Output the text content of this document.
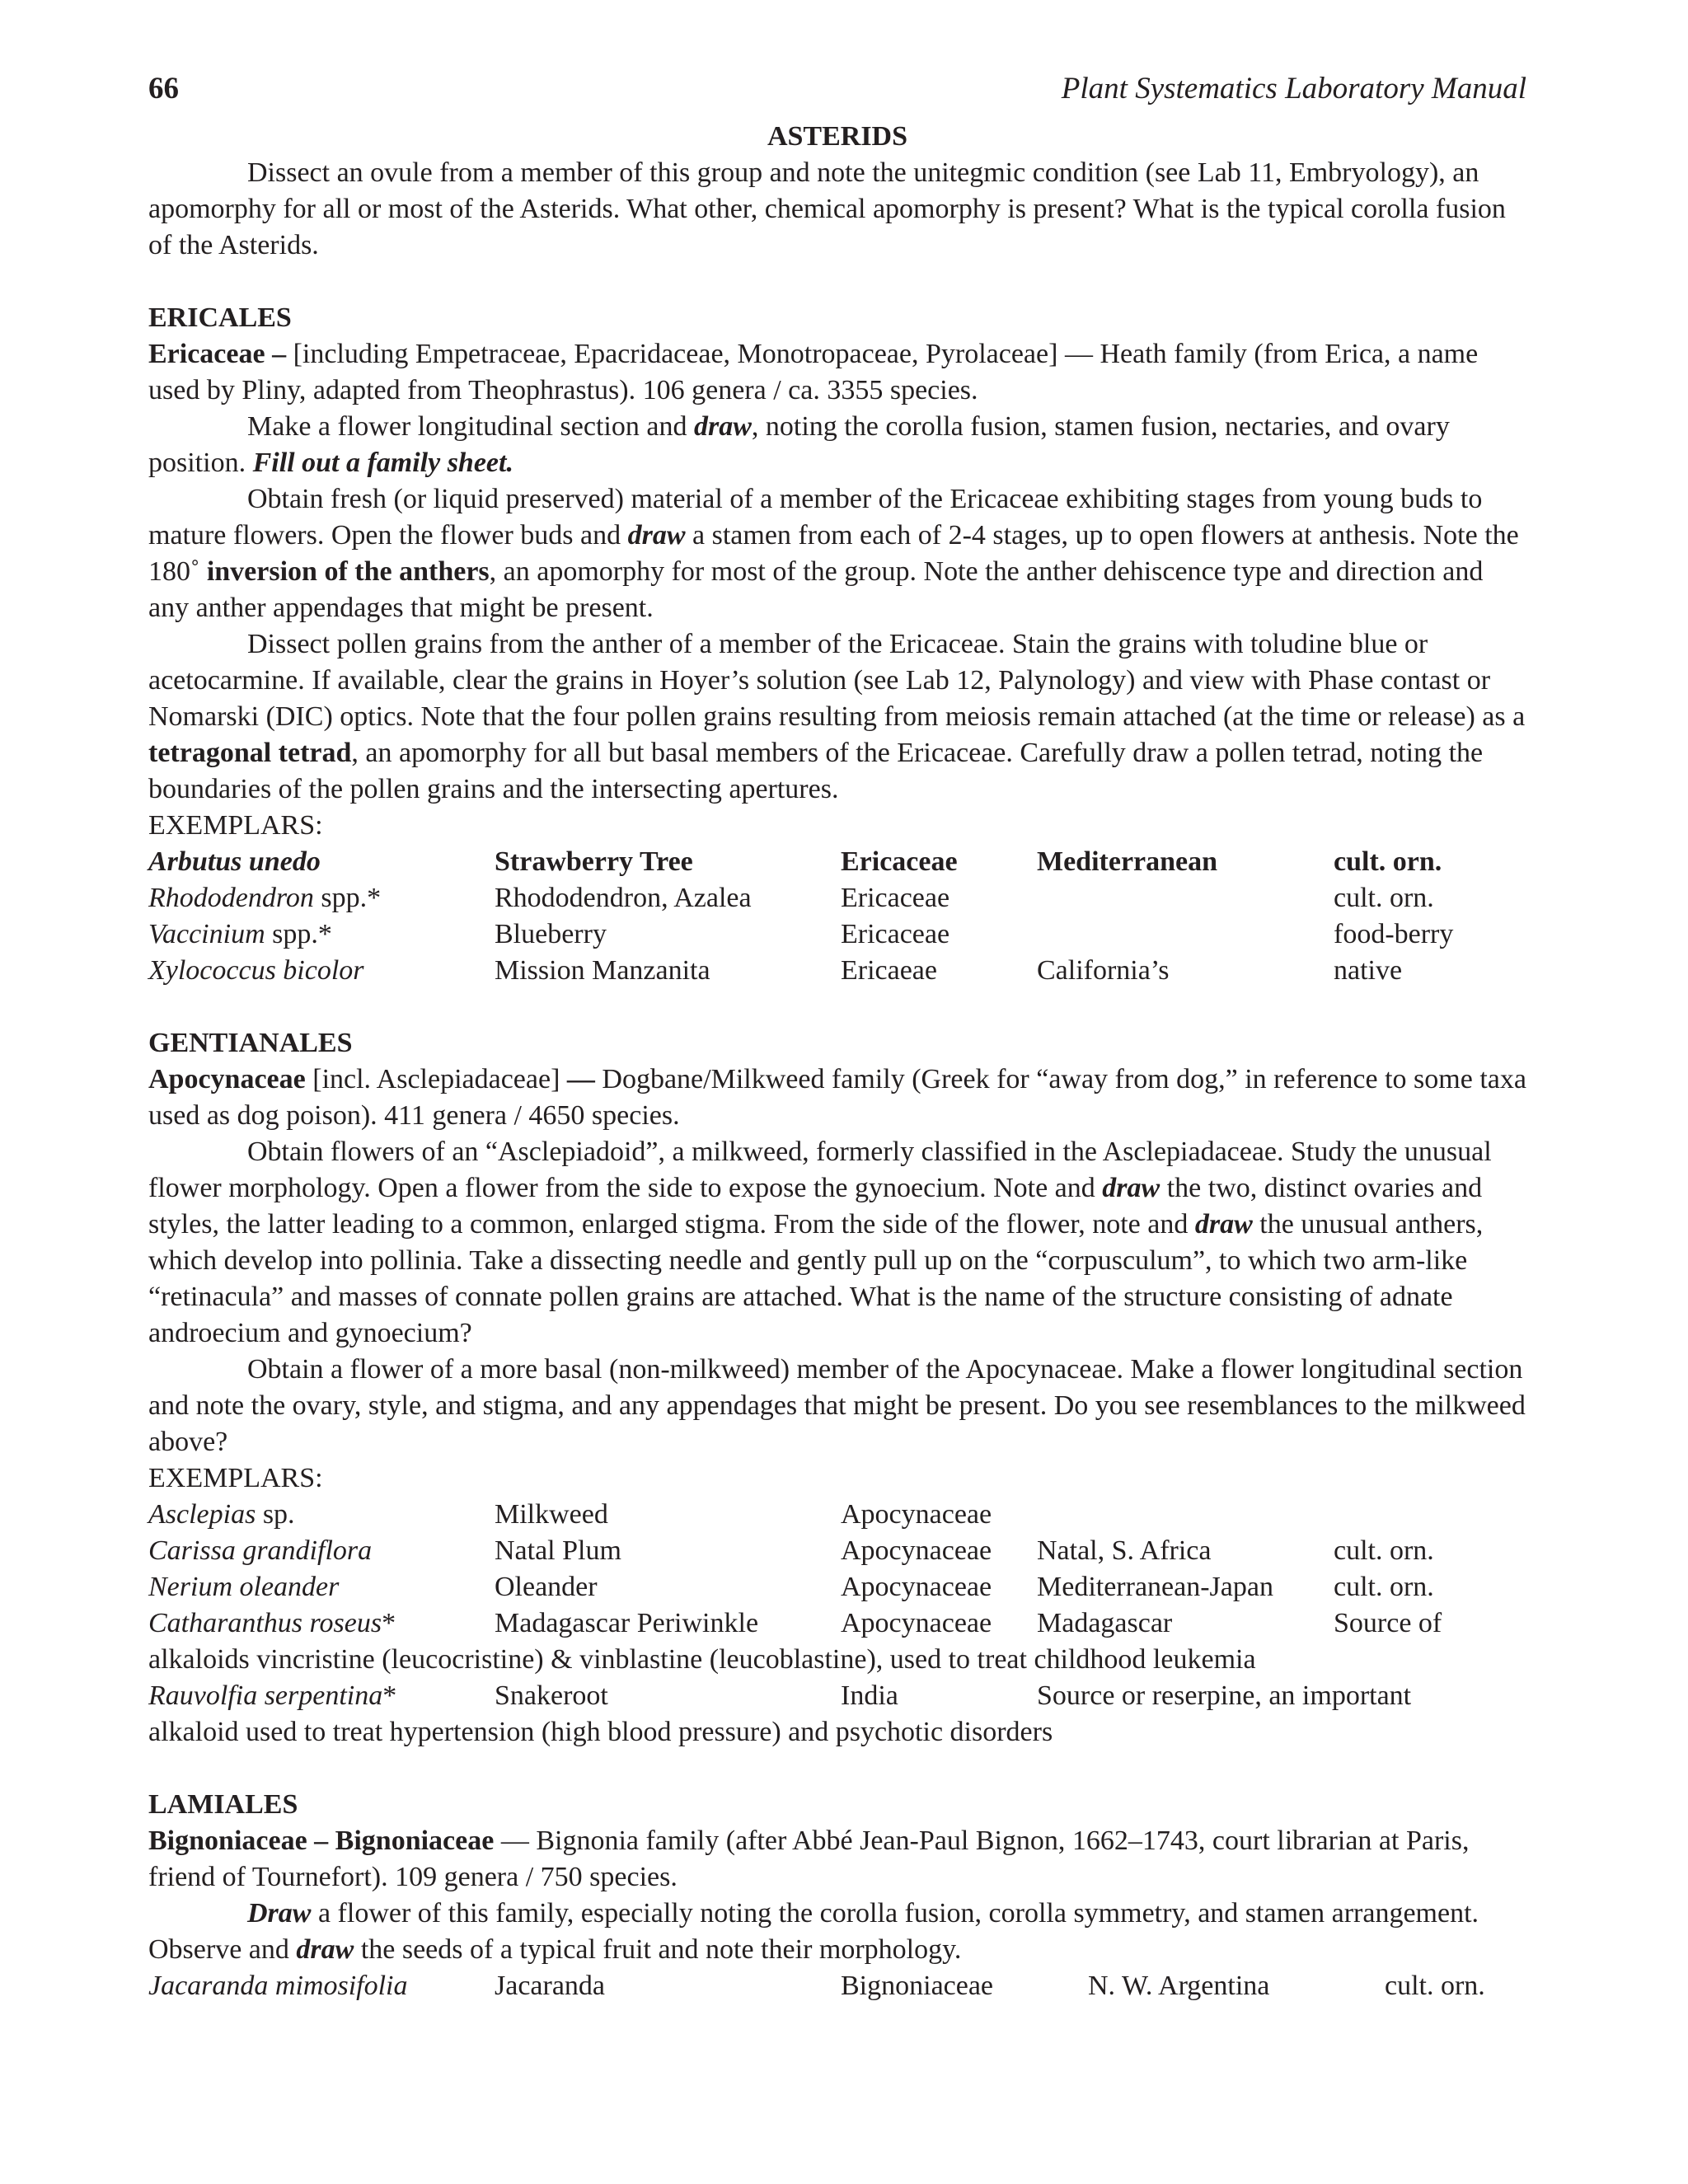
66	Plant Systematics Laboratory Manual
ASTERIDS

Dissect an ovule from a member of this group and note the unitegmic condition (see Lab 11, Embryology), an apomorphy for all or most of the Asterids. What other, chemical apomorphy is present? What is the typical corolla fusion of the Asterids.

ERICALES

Ericaceae – [including Empetraceae, Epacridaceae, Monotropaceae, Pyrolaceae] — Heath family (from Erica, a name used by Pliny, adapted from Theophrastus). 106 genera / ca. 3355 species.

Make a flower longitudinal section and draw, noting the corolla fusion, stamen fusion, nectaries, and ovary position. Fill out a family sheet.

Obtain fresh (or liquid preserved) material of a member of the Ericaceae exhibiting stages from young buds to mature flowers. Open the flower buds and draw a stamen from each of 2-4 stages, up to open flowers at anthesis. Note the 180˚ inversion of the anthers, an apomorphy for most of the group. Note the anther dehiscence type and direction and any anther appendages that might be present.

Dissect pollen grains from the anther of a member of the Ericaceae. Stain the grains with toludine blue or acetocarmine. If available, clear the grains in Hoyer’s solution (see Lab 12, Palynology) and view with Phase contast or Nomarski (DIC) optics. Note that the four pollen grains resulting from meiosis remain attached (at the time or release) as a tetragonal tetrad, an apomorphy for all but basal members of the Ericaceae. Carefully draw a pollen tetrad, noting the boundaries of the pollen grains and the intersecting apertures.

EXEMPLARS:
Arbutus unedo	Strawberry Tree	Ericaceae	Mediterranean	cult. orn.
Rhododendron spp.*	Rhododendron, Azalea	Ericaceae		cult. orn.
Vaccinium spp.*	Blueberry	Ericaceae		food-berry
Xylococcus bicolor	Mission Manzanita	Ericaeae	California’s	native
GENTIANALES

Apocynaceae [incl. Asclepiadaceae] — Dogbane/Milkweed family (Greek for “away from dog,” in reference to some taxa used as dog poison). 411 genera / 4650 species.

Obtain flowers of an “Asclepiadoid”, a milkweed, formerly classified in the Asclepiadaceae. Study the unusual flower morphology. Open a flower from the side to expose the gynoecium. Note and draw the two, distinct ovaries and styles, the latter leading to a common, enlarged stigma. From the side of the flower, note and draw the unusual anthers, which develop into pollinia. Take a dissecting needle and gently pull up on the “corpusculum”, to which two arm-like “retinacula” and masses of connate pollen grains are attached. What is the name of the structure consisting of adnate androecium and gynoecium?

Obtain a flower of a more basal (non-milkweed) member of the Apocynaceae. Make a flower longitudinal section and note the ovary, style, and stigma, and any appendages that might be present. Do you see resemblances to the milkweed above?

EXEMPLARS:
Asclepias sp.	Milkweed	Apocynaceae		
Carissa grandiflora	Natal Plum	Apocynaceae	Natal, S. Africa	cult. orn.
Nerium oleander	Oleander	Apocynaceae	Mediterranean-Japan	cult. orn.
Catharanthus roseus*	Madagascar Periwinkle	Apocynaceae	Madagascar	Source of
alkaloids vincristine (leucocristine) & vinblastine (leucoblastine), used to treat childhood leukemia				
Rauvolfia serpentina*	Snakeroot	India	Source or reserpine, an important	
alkaloid used to treat hypertension (high blood pressure) and psychotic disorders				
LAMIALES

Bignoniaceae – Bignoniaceae — Bignonia family (after Abbé Jean-Paul Bignon, 1662–1743, court librarian at Paris, friend of Tournefort). 109 genera / 750 species.

Draw a flower of this family, especially noting the corolla fusion, corolla symmetry, and stamen arrangement. Observe and draw the seeds of a typical fruit and note their morphology.

Jacaranda mimosifolia	Jacaranda	Bignoniaceae	N. W. Argentina	cult. orn.
